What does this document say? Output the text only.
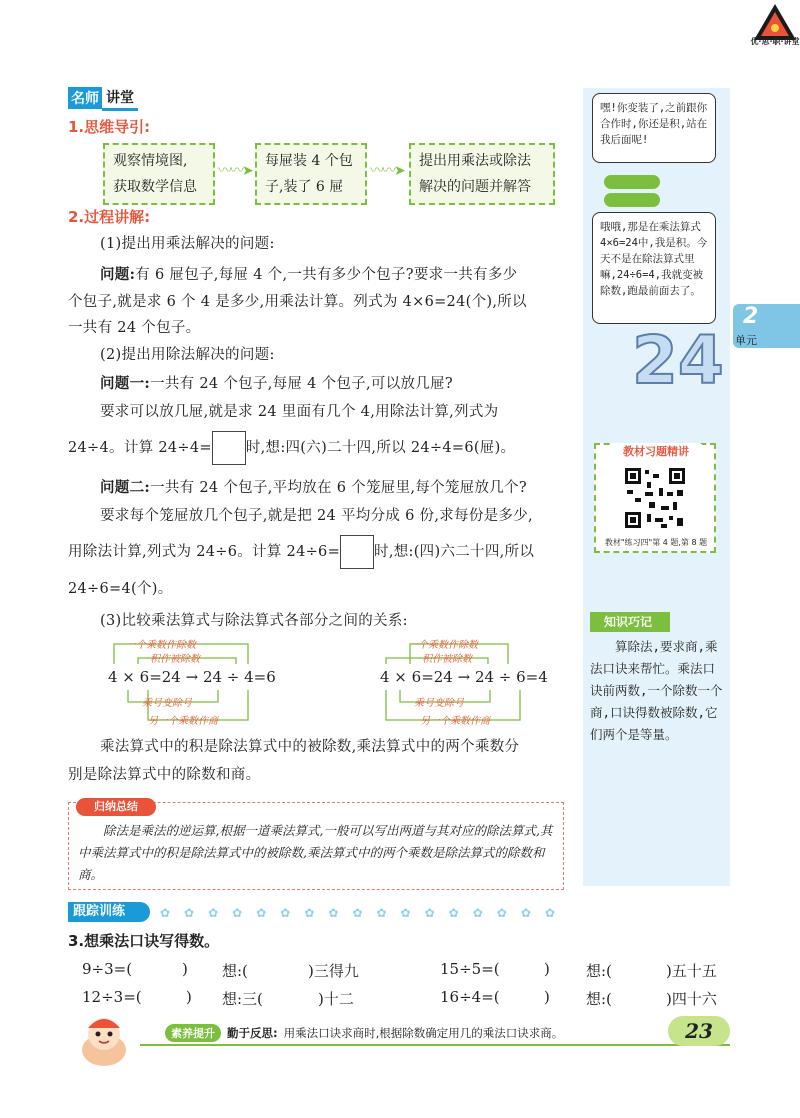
优·思·职·讲堂
名师 讲堂
1.思维导引:
观察情境图,
获取数学信息
〰〰➤
每屉装 4 个包
子,装了 6 屉
〰〰➤
提出用乘法或除法
解决的问题并解答
2.过程讲解:
(1)提出用乘法解决的问题:
问题:有 6 屉包子,每屉 4 个,一共有多少个包子?要求一共有多少
个包子,就是求 6 个 4 是多少,用乘法计算。列式为 4×6=24(个),所以
一共有 24 个包子。
(2)提出用除法解决的问题:
问题一:一共有 24 个包子,每屉 4 个包子,可以放几屉?
要求可以放几屉,就是求 24 里面有几个 4,用除法计算,列式为
24÷4。计算 24÷4= 时,想:四(六)二十四,所以 24÷4=6(屉)。
问题二:一共有 24 个包子,平均放在 6 个笼屉里,每个笼屉放几个?
要求每个笼屉放几个包子,就是把 24 平均分成 6 份,求每份是多少,
用除法计算,列式为 24÷6。计算 24÷6= 时,想:(四)六二十四,所以
24÷6=4(个)。
(3)比较乘法算式与除法算式各部分之间的关系:
一个乘数作除数
积作被除数
4 × 6=24 → 24 ÷ 4=6
乘号变除号
另一个乘数作商
一个乘数作除数
积作被除数
4 × 6=24 → 24 ÷ 6=4
乘号变除号
另一个乘数作商
乘法算式中的积是除法算式中的被除数,乘法算式中的两个乘数分
别是除法算式中的除数和商。
归纳总结
除法是乘法的逆运算,根据一道乘法算式,一般可以写出两道与其对应的除法算式,其中乘法算式中的积是除法算式中的被除数,乘法算式中的两个乘数是除法算式的除数和商。
嘿!你变装了,之前跟你合作时,你还是积,站在我后面呢!
哦哦,那是在乘法算式4×6=24中,我是积。今天不是在除法算式里嘛,24÷6=4,我就变被除数,跑最前面去了。
24
2
单元
教材习题精讲
教材"练习四"第 4 题,第 8 题
知识巧记
算除法,要求商,乘法口诀来帮忙。乘法口诀前两数,一个除数一个商,口诀得数被除数,它们两个是等量。
跟踪训练	✿✿✿✿✿✿✿✿✿✿✿✿✿✿✿✿✿
3.想乘法口诀写得数。
9÷3=(	) 想:(	)三得九	15÷5=(	) 想:(	)五十五
12÷3=(	) 想:三(	)十二	16÷4=(	) 想:(	)四十六
素养提升	勤于反思: 用乘法口诀求商时,根据除数确定用几的乘法口诀求商。	23
